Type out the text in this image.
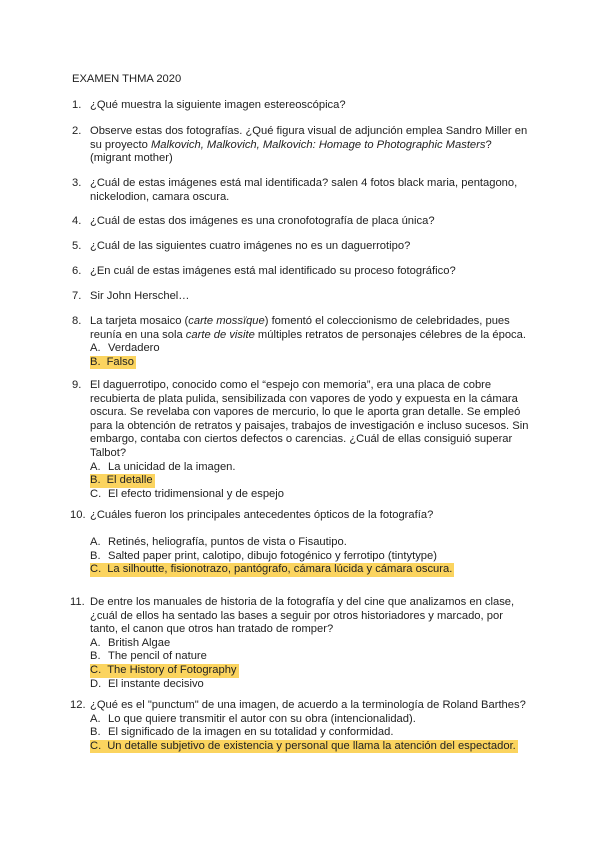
EXAMEN THMA 2020
1. ¿Qué muestra la siguiente imagen estereoscópica?
2. Observe estas dos fotografías. ¿Qué figura visual de adjunción emplea Sandro Miller en su proyecto Malkovich, Malkovich, Malkovich: Homage to Photographic Masters? (migrant mother)
3. ¿Cuál de estas imágenes está mal identificada? salen 4 fotos black maria, pentagono, nickelodion, camara oscura.
4. ¿Cuál de estas dos imágenes es una cronofotografía de placa única?
5. ¿Cuál de las siguientes cuatro imágenes no es un daguerrotipo?
6. ¿En cuál de estas imágenes está mal identificado su proceso fotográfico?
7. Sir John Herschel…
8. La tarjeta mosaico (carte mossïque) fomentó el coleccionismo de celebridades, pues reunía en una sola carte de visite múltiples retratos de personajes célebres de la época.
A. Verdadero
B. Falso
9. El daguerrotipo, conocido como el “espejo con memoria”, era una placa de cobre recubierta de plata pulida, sensibilizada con vapores de yodo y expuesta en la cámara oscura. Se revelaba con vapores de mercurio, lo que le aporta gran detalle. Se empleó para la obtención de retratos y paisajes, trabajos de investigación e incluso sucesos. Sin embargo, contaba con ciertos defectos o carencias. ¿Cuál de ellas consiguió superar Talbot?
A. La unicidad de la imagen.
B. El detalle
C. El efecto tridimensional y de espejo
10. ¿Cuáles fueron los principales antecedentes ópticos de la fotografía?
A. Retinés, heliografía, puntos de vista o Fisautipo.
B. Salted paper print, calotipo, dibujo fotogénico y ferrotipo (tintytype)
C. La silhoutte, fisionotrazo, pantógrafo, cámara lúcida y cámara oscura.
11. De entre los manuales de historia de la fotografía y del cine que analizamos en clase, ¿cuál de ellos ha sentado las bases a seguir por otros historiadores y marcado, por tanto, el canon que otros han tratado de romper?
A. British Algae
B. The pencil of nature
C. The History of Fotography
D. El instante decisivo
12. ¿Qué es el "punctum" de una imagen, de acuerdo a la terminología de Roland Barthes?
A. Lo que quiere transmitir el autor con su obra (intencionalidad).
B. El significado de la imagen en su totalidad y conformidad.
C. Un detalle subjetivo de existencia y personal que llama la atención del espectador.
